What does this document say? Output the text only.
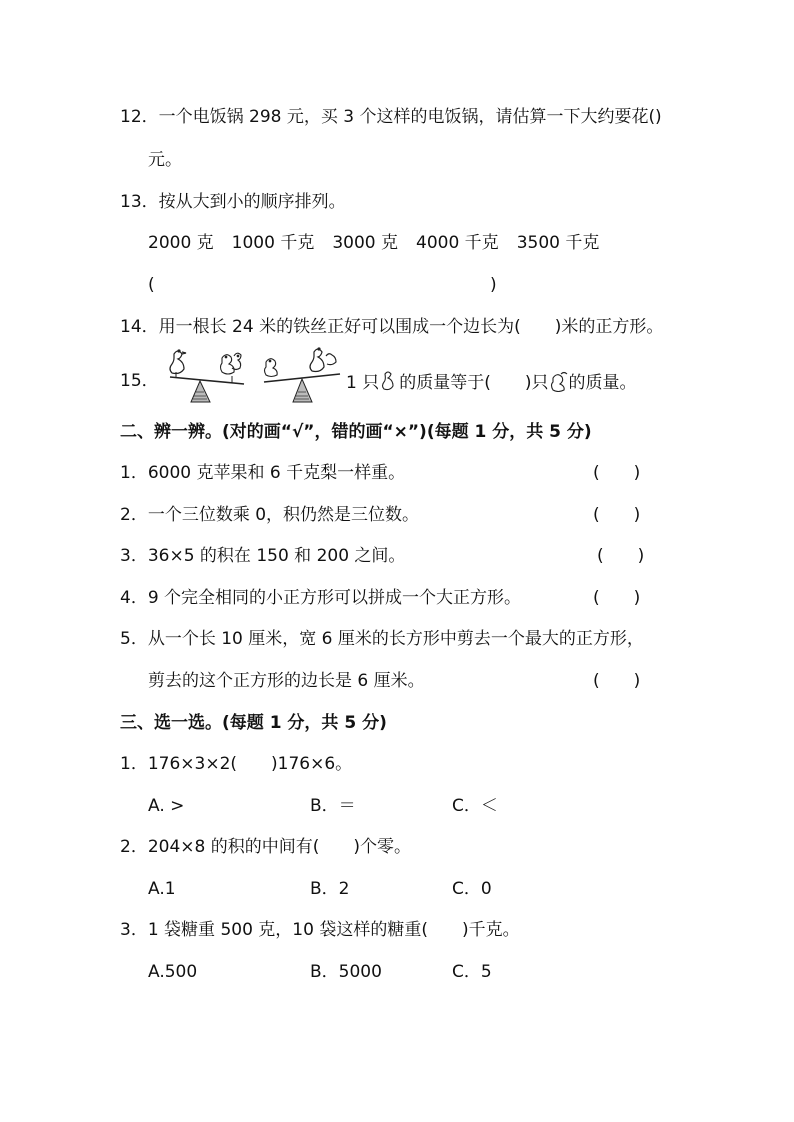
12．一个电饭锅 298 元，买 3 个这样的电饭锅，请估算一下大约要花( )
元。
13．按从大到小的顺序排列。
2000 克 1000 千克 3000 克 4000 千克 3500 千克
(	)
14．用一根长 24 米的铁丝正好可以围成一个边长为(　　)米的正方形。
15．	1 只 的质量等于(　　)只 的质量。
二、辨一辨。(对的画“√”，错的画“×”)(每题 1 分，共 5 分)
1．6000 克苹果和 6 千克梨一样重。	(　　)
2．一个三位数乘 0，积仍然是三位数。	(　　)
3．36×5 的积在 150 和 200 之间。	(　　)
4．9 个完全相同的小正方形可以拼成一个大正方形。	(　　)
5．从一个长 10 厘米，宽 6 厘米的长方形中剪去一个最大的正方形，
剪去的这个正方形的边长是 6 厘米。	(　　)
三、选一选。(每题 1 分，共 5 分)
1．176×3×2(　　)176×6。
A. >	B．＝	C．＜
2．204×8 的积的中间有(　　)个零。
A.1	B．2	C．0
3．1 袋糖重 500 克，10 袋这样的糖重(　　)千克。
A.500	B．5000	C．5
